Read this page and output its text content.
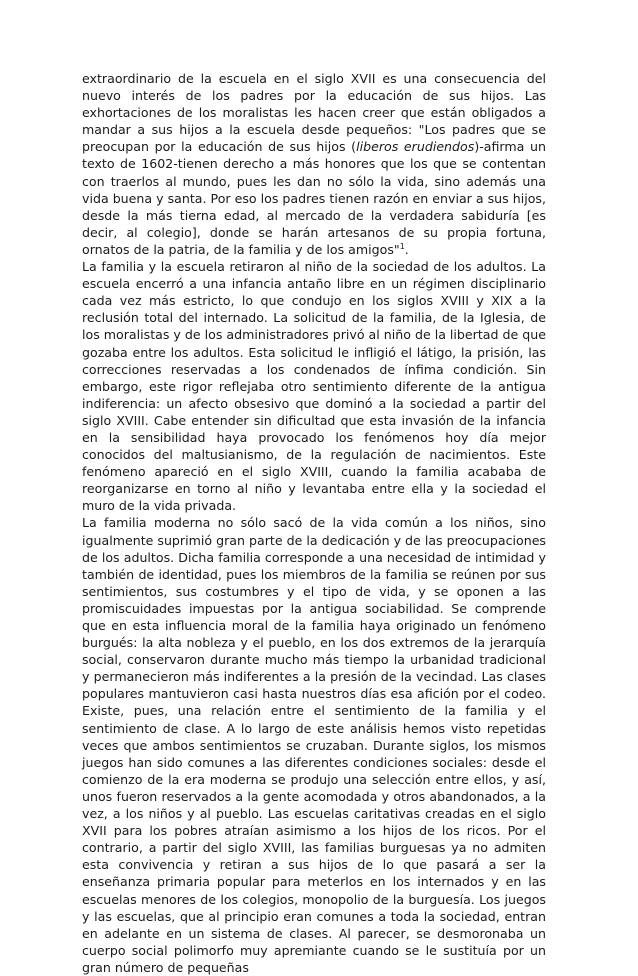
extraordinario de la escuela en el siglo XVII es una consecuencia del nuevo interés de los padres por la educación de sus hijos. Las exhortaciones de los moralistas les hacen creer que están obligados a mandar a sus hijos a la escuela desde pequeños: "Los padres que se preocupan por la educación de sus hijos (liberos erudiendos)-afirma un texto de 1602-tienen derecho a más honores que los que se contentan con traerlos al mundo, pues les dan no sólo la vida, sino además una vida buena y santa. Por eso los padres tienen razón en enviar a sus hijos, desde la más tierna edad, al mercado de la verdadera sabiduría [es decir, al colegio], donde se harán artesanos de su propia fortuna, ornatos de la patria, de la familia y de los amigos"$^1$.

La familia y la escuela retiraron al niño de la sociedad de los adultos. La escuela encerró a una infancia antaño libre en un régimen disciplinario cada vez más estricto, lo que condujo en los siglos XVIII y XIX a la reclusión total del internado. La solicitud de la familia, de la Iglesia, de los moralistas y de los administradores privó al niño de la libertad de que gozaba entre los adultos. Esta solicitud le infligió el látigo, la prisión, las correcciones reservadas a los condenados de ínfima condición. Sin embargo, este rigor reflejaba otro sentimiento diferente de la antigua indiferencia: un afecto obsesivo que dominó a la sociedad a partir del siglo XVIII. Cabe entender sin dificultad que esta invasión de la infancia en la sensibilidad haya provocado los fenómenos hoy día mejor conocidos del maltusianismo, de la regulación de nacimientos. Este fenómeno apareció en el siglo XVIII, cuando la familia acababa de reorganizarse en torno al niño y levantaba entre ella y la sociedad el muro de la vida privada.

La familia moderna no sólo sacó de la vida común a los niños, sino igualmente suprimió gran parte de la dedicación y de las preocupaciones de los adultos. Dicha familia corresponde a una necesidad de intimidad y también de identidad, pues los miembros de la familia se reúnen por sus sentimientos, sus costumbres y el tipo de vida, y se oponen a las promiscuidades impuestas por la antigua sociabilidad. Se comprende que en esta influencia moral de la familia haya originado un fenómeno burgués: la alta nobleza y el pueblo, en los dos extremos de la jerarquía social, conservaron durante mucho más tiempo la urbanidad tradicional y permanecieron más indiferentes a la presión de la vecindad. Las clases populares mantuvieron casi hasta nuestros días esa afición por el codeo. Existe, pues, una relación entre el sentimiento de la familia y el sentimiento de clase. A lo largo de este análisis hemos visto repetidas veces que ambos sentimientos se cruzaban. Durante siglos, los mismos juegos han sido comunes a las diferentes condiciones sociales: desde el comienzo de la era moderna se produjo una selección entre ellos, y así, unos fueron reservados a la gente acomodada y otros abandonados, a la vez, a los niños y al pueblo. Las escuelas caritativas creadas en el siglo XVII para los pobres atraían asimismo a los hijos de los ricos. Por el contrario, a partir del siglo XVIII, las familias burguesas ya no admiten esta convivencia y retiran a sus hijos de lo que pasará a ser la enseñanza primaria popular para meterlos en los internados y en las escuelas menores de los colegios, monopolio de la burguesía. Los juegos y las escuelas, que al principio eran comunes a toda la sociedad, entran en adelante en un sistema de clases. Al parecer, se desmoronaba un cuerpo social polimorfo muy apremiante cuando se le sustituía por un gran número de pequeñas
